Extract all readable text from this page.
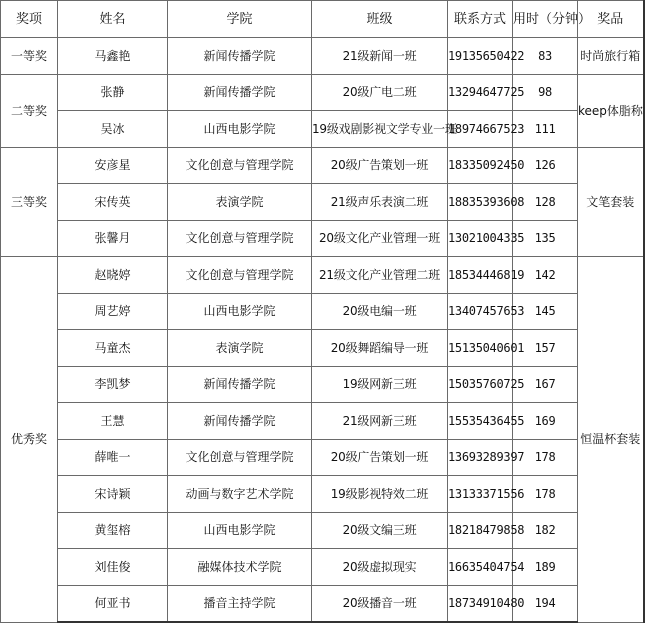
奖项	姓名	学院	班级	联系方式	用时（分钟）	奖品
一等奖	马鑫艳	新闻传播学院	21级新闻一班	19135650422	83	时尚旅行箱
二等奖	张静	新闻传播学院	20级广电二班	13294647725	98	keep体脂称
	吴冰	山西电影学院	19级戏剧影视文学专业一班	18974667523	111	
三等奖	安彦星	文化创意与管理学院	20级广告策划一班	18335092450	126	文笔套装
	宋传英	表演学院	21级声乐表演二班	18835393608	128	
	张馨月	文化创意与管理学院	20级文化产业管理一班	13021004335	135	
优秀奖	赵晓婷	文化创意与管理学院	21级文化产业管理二班	18534446819	142	恒温杯套装
	周艺婷	山西电影学院	20级电编一班	13407457653	145	
	马童杰	表演学院	20级舞蹈编导一班	15135040601	157	
	李凯梦	新闻传播学院	19级网新三班	15035760725	167	
	王慧	新闻传播学院	21级网新三班	15535436455	169	
	薛唯一	文化创意与管理学院	20级广告策划一班	13693289397	178	
	宋诗颖	动画与数字艺术学院	19级影视特效二班	13133371556	178	
	黄玺榕	山西电影学院	20级文编三班	18218479858	182	
	刘佳俊	融媒体技术学院	20级虚拟现实	16635404754	189	
	何亚书	播音主持学院	20级播音一班	18734910480	194	
